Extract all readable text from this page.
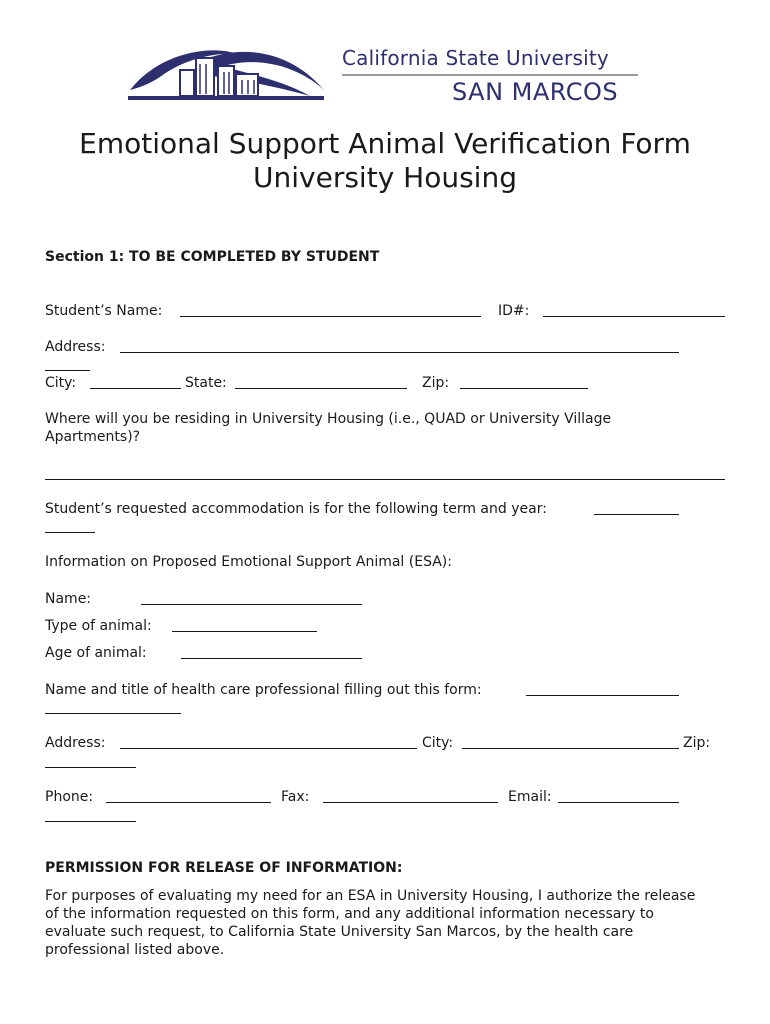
California State University
SAN MARCOS
Emotional Support Animal Verification Form
University Housing
Section 1: TO BE COMPLETED BY STUDENT
Student’s Name:	ID#:
Address:
City:	State:	Zip:
Where will you be residing in University Housing (i.e., QUAD or University Village Apartments)?
Student’s requested accommodation is for the following term and year:
Information on Proposed Emotional Support Animal (ESA):
Name:
Type of animal:
Age of animal:
Name and title of health care professional filling out this form:
Address:	City:	Zip:
Phone:	Fax:	Email:
PERMISSION FOR RELEASE OF INFORMATION:
For purposes of evaluating my need for an ESA in University Housing, I authorize the release of the information requested on this form, and any additional information necessary to evaluate such request, to California State University San Marcos, by the health care professional listed above.
